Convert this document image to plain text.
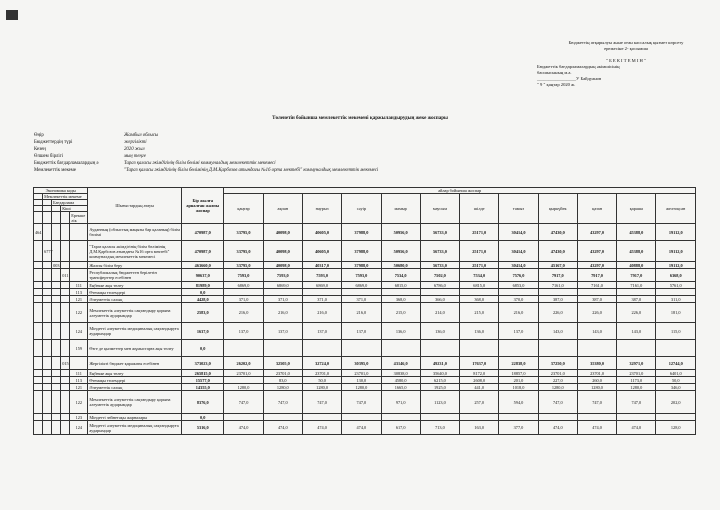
Бюджеттің атқарылуы және оған кассалық қызмет көрсету
ережесіне 2- қосымша
" Б Е К І Т Е М І Н "
Бюджеттік бағдарламалардың әкімшісінің
басшысының м.а.
_________________У Байдуанов
" 9 " қаңтар 2020 ж.
Төленетін бойынша мемлекеттік мекемені қаржыландырудың жеке жоспары
Өңір	Жамбыл облысы
Бюджеттердің түрі	жергілікті
Кезең	2020 жыл
Өлшем бірлігі	мың теңге
Бюджеттік бағдарламалардың ә	Тараз қаласы әкімдігінің білім бөлімі коммуналдық мемлекеттік мекемесі
Мемлекеттік мекеме	"Тараз қаласы әкімдігінің білім бөлімінің Д.М.Қарбозов атындағы №16 орта мектебі" коммуналдық мемлекеттік мекемесі
Экономика коды					Шығыстардың атауы	Бір жылға арналған жалпы жоспар	айлар бойынша жоспар											
	Мемлекеттік мекеме						қаңтар	ақпан	наурыз	сәуір	мамыр	маусым	шілде	тамыз	қыркүйек	қазан	қараша	желтоқсан
		Бағдарлама																
			Кіші															
				Ерекше лік														
464					Ауданның (облыстық маңызы бар қаланың) білім бөлімі	470987,0	33795,0	40098,0	40605,0	37988,0	50956,0	56733,0	25171,0	30414,0	47430,0	43297,0	45388,0	19112,0
	6777				"Тараз қаласы әкімдігінің білім бөлімінің Д.М.Қарбозов атындағы №16 орта мектебі" коммуналдық мемлекеттік мекемесі	470987,0	33795,0	40098,0	40605,0	37988,0	50956,0	56733,0	25171,0	30414,0	47430,0	43297,0	45388,0	19112,0
		003			Жалпы білім беру	463660,0	33795,0	40098,0	40317,0	37988,0	50680,0	56733,0	25171,0	30414,0	45167,0	43297,0	40888,0	19112,0
			011		Республикалық бюджеттен берілетін трансферттер есебінен	90637,0	7593,0	7593,0	7593,0	7593,0	7534,0	7502,0	7534,0	7576,0	7917,0	7917,0	7917,0	6368,0
				111	Еңбекке ақы төлеу	81989,0	6869,0	6869,0	6869,0	6869,0	6815,0	6786,0	6815,0	6853,0	7161,0	7161,0	7161,0	5761,0
				113	Өтемақы төлемдері	0,0												
				121	Әлеуметтік салық	4428,0	371,0	371,0	371,0	371,0	368,0	366,0	368,0	370,0	387,0	387,0	387,0	311,0
				122	Мемлекеттік әлеуметтік сақтандыру қорына әлеуметтік аударымдар	2583,0	216,0	216,0	216,0	216,0	215,0	214,0	215,0	216,0	226,0	226,0	226,0	181,0
				124	Міндетті әлеуметтік медициналық сақтандыруға аударымдар	1637,0	137,0	137,0	137,0	137,0	136,0	136,0	136,0	137,0	143,0	143,0	143,0	115,0
				159	Өзге де қызметтер мен жұмыстарға ақы төлеу	0,0												
			015		Жергілікті бюджет қаражаты есебінен	373023,0	26202,0	32505,0	32724,0	30395,0	43146,0	49231,0	17637,0	22838,0	37250,0	35380,0	32971,0	12744,0
				111	Еңбекке ақы төлеу	265815,0	23701,0	23701,0	23701,0	23701,0	30838,0	35640,0	8172,0	18857,0	23701,0	23701,0	23701,0	6401,0
				113	Өтемақы төлемдері	15577,0		83,0	50,0	130,0	4580,0	6215,0	2608,0	201,0	227,0	260,0	1173,0	50,0
				121	Әлеуметтік салық	14355,0	1280,0	1280,0	1280,0	1280,0	1665,0	1925,0	441,0	1018,0	1280,0	1280,0	1280,0	346,0
				122	Мемлекеттік әлеуметтік сақтандыру қорына әлеуметтік аударымдар	8376,0	747,0	747,0	747,0	747,0	971,0	1123,0	257,0	594,0	747,0	747,0	747,0	202,0
				123	Міндетті зейнетақы жарналары	0,0												
				124	Міндетті әлеуметтік медициналық сақтандыруға аударымдар	5316,0	474,0	474,0	474,0	474,0	617,0	713,0	163,0	377,0	474,0	474,0	474,0	128,0
